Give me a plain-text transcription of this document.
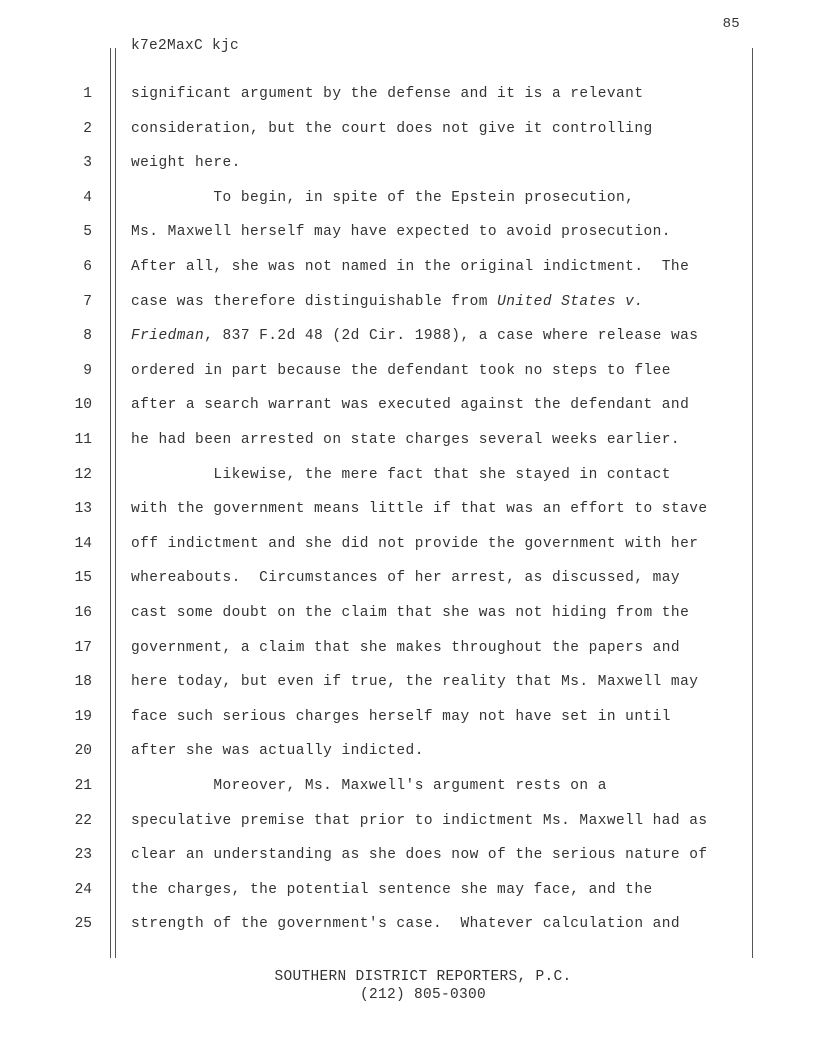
85
k7e2MaxC kjc
1	significant argument by the defense and it is a relevant
2	consideration, but the court does not give it controlling
3	weight here.
4	To begin, in spite of the Epstein prosecution,
5	Ms. Maxwell herself may have expected to avoid prosecution.
6	After all, she was not named in the original indictment.  The
7	case was therefore distinguishable from United States v.
8	Friedman, 837 F.2d 48 (2d Cir. 1988), a case where release was
9	ordered in part because the defendant took no steps to flee
10	after a search warrant was executed against the defendant and
11	he had been arrested on state charges several weeks earlier.
12	Likewise, the mere fact that she stayed in contact
13	with the government means little if that was an effort to stave
14	off indictment and she did not provide the government with her
15	whereabouts.  Circumstances of her arrest, as discussed, may
16	cast some doubt on the claim that she was not hiding from the
17	government, a claim that she makes throughout the papers and
18	here today, but even if true, the reality that Ms. Maxwell may
19	face such serious charges herself may not have set in until
20	after she was actually indicted.
21	Moreover, Ms. Maxwell's argument rests on a
22	speculative premise that prior to indictment Ms. Maxwell had as
23	clear an understanding as she does now of the serious nature of
24	the charges, the potential sentence she may face, and the
25	strength of the government's case.  Whatever calculation and
SOUTHERN DISTRICT REPORTERS, P.C.
(212) 805-0300
